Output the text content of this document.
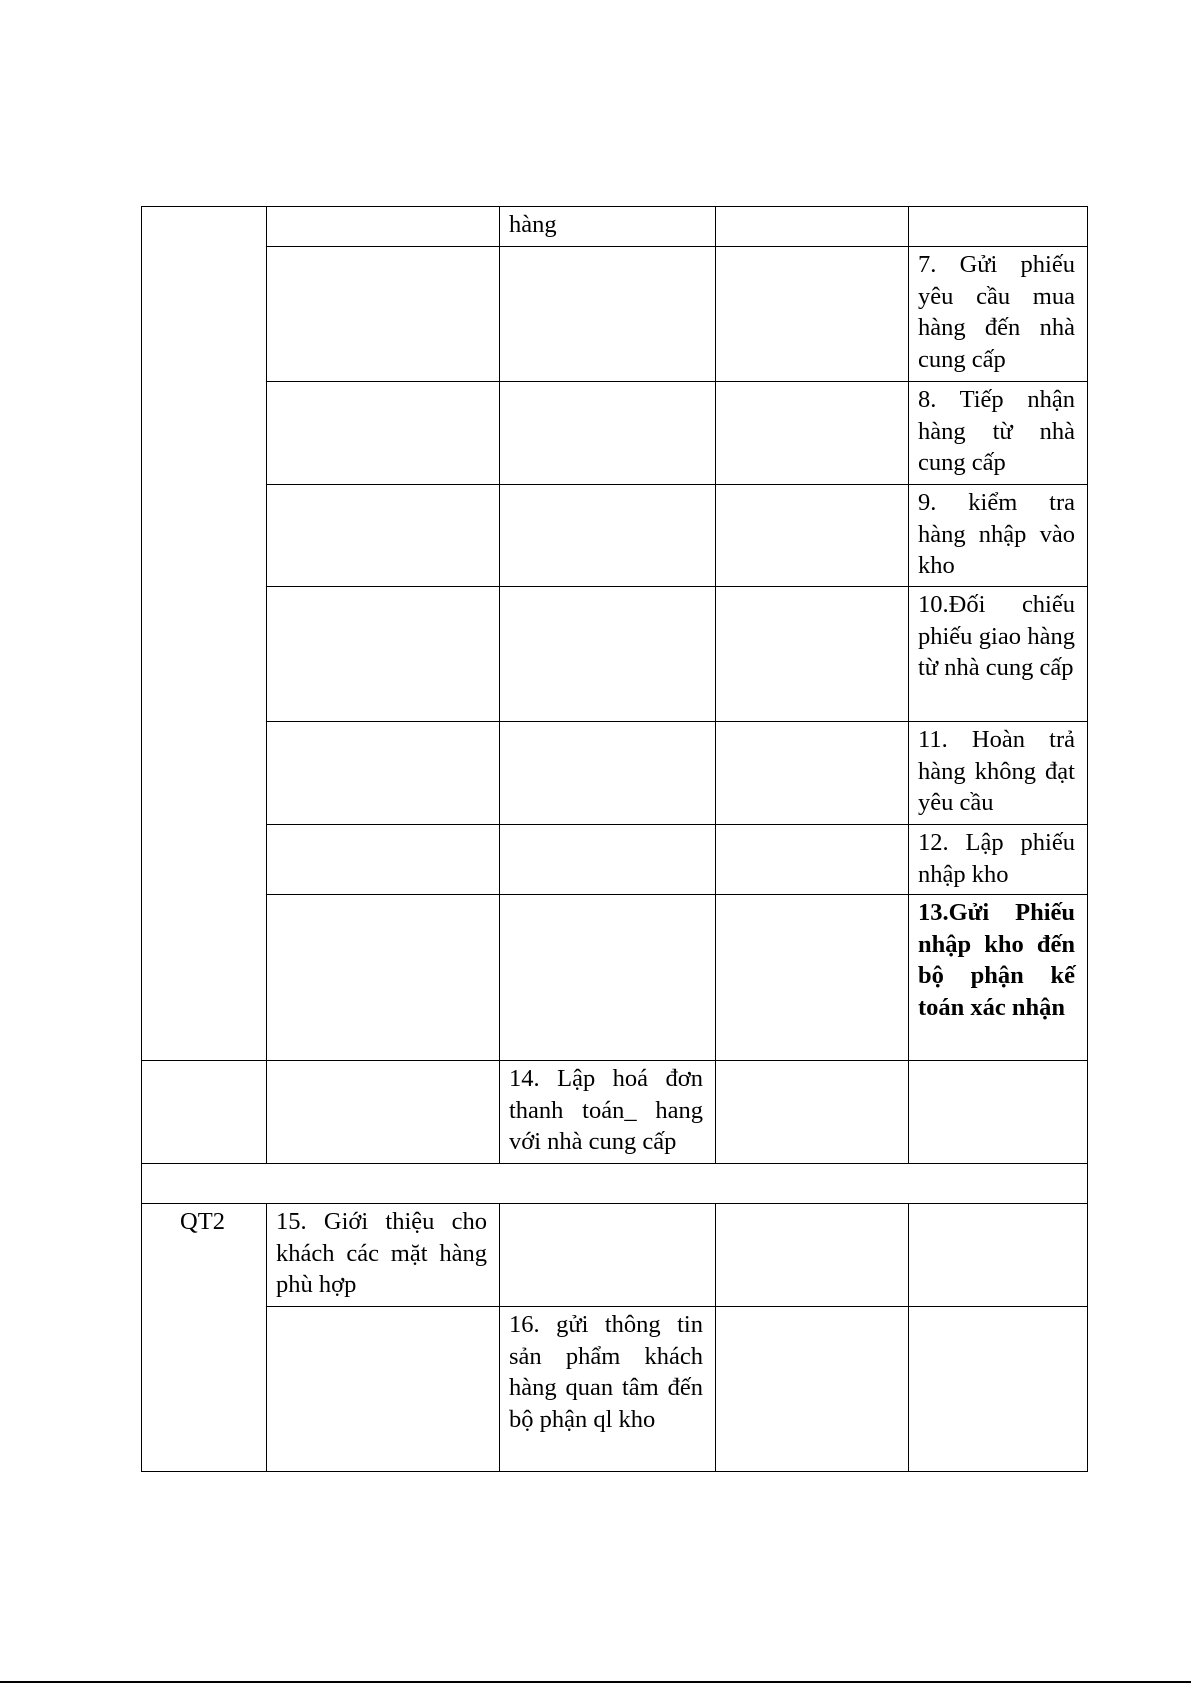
		hàng		
				7. Gửi phiếu yêu cầu mua hàng đến nhà cung cấp
				8. Tiếp nhận hàng từ nhà cung cấp
				9. kiểm tra hàng nhập vào kho
				10.Đối chiếu phiếu giao hàng từ nhà cung cấp
				11. Hoàn trả hàng không đạt yêu cầu
				12. Lập phiếu nhập kho
				13.Gửi Phiếu nhập kho đến bộ phận kế toán xác nhận
		14. Lập hoá đơn thanh toán_ hang với nhà cung cấp		

QT2	15. Giới thiệu cho khách các mặt hàng phù hợp			
		16. gửi thông tin sản phẩm khách hàng quan tâm đến bộ phận ql kho		
